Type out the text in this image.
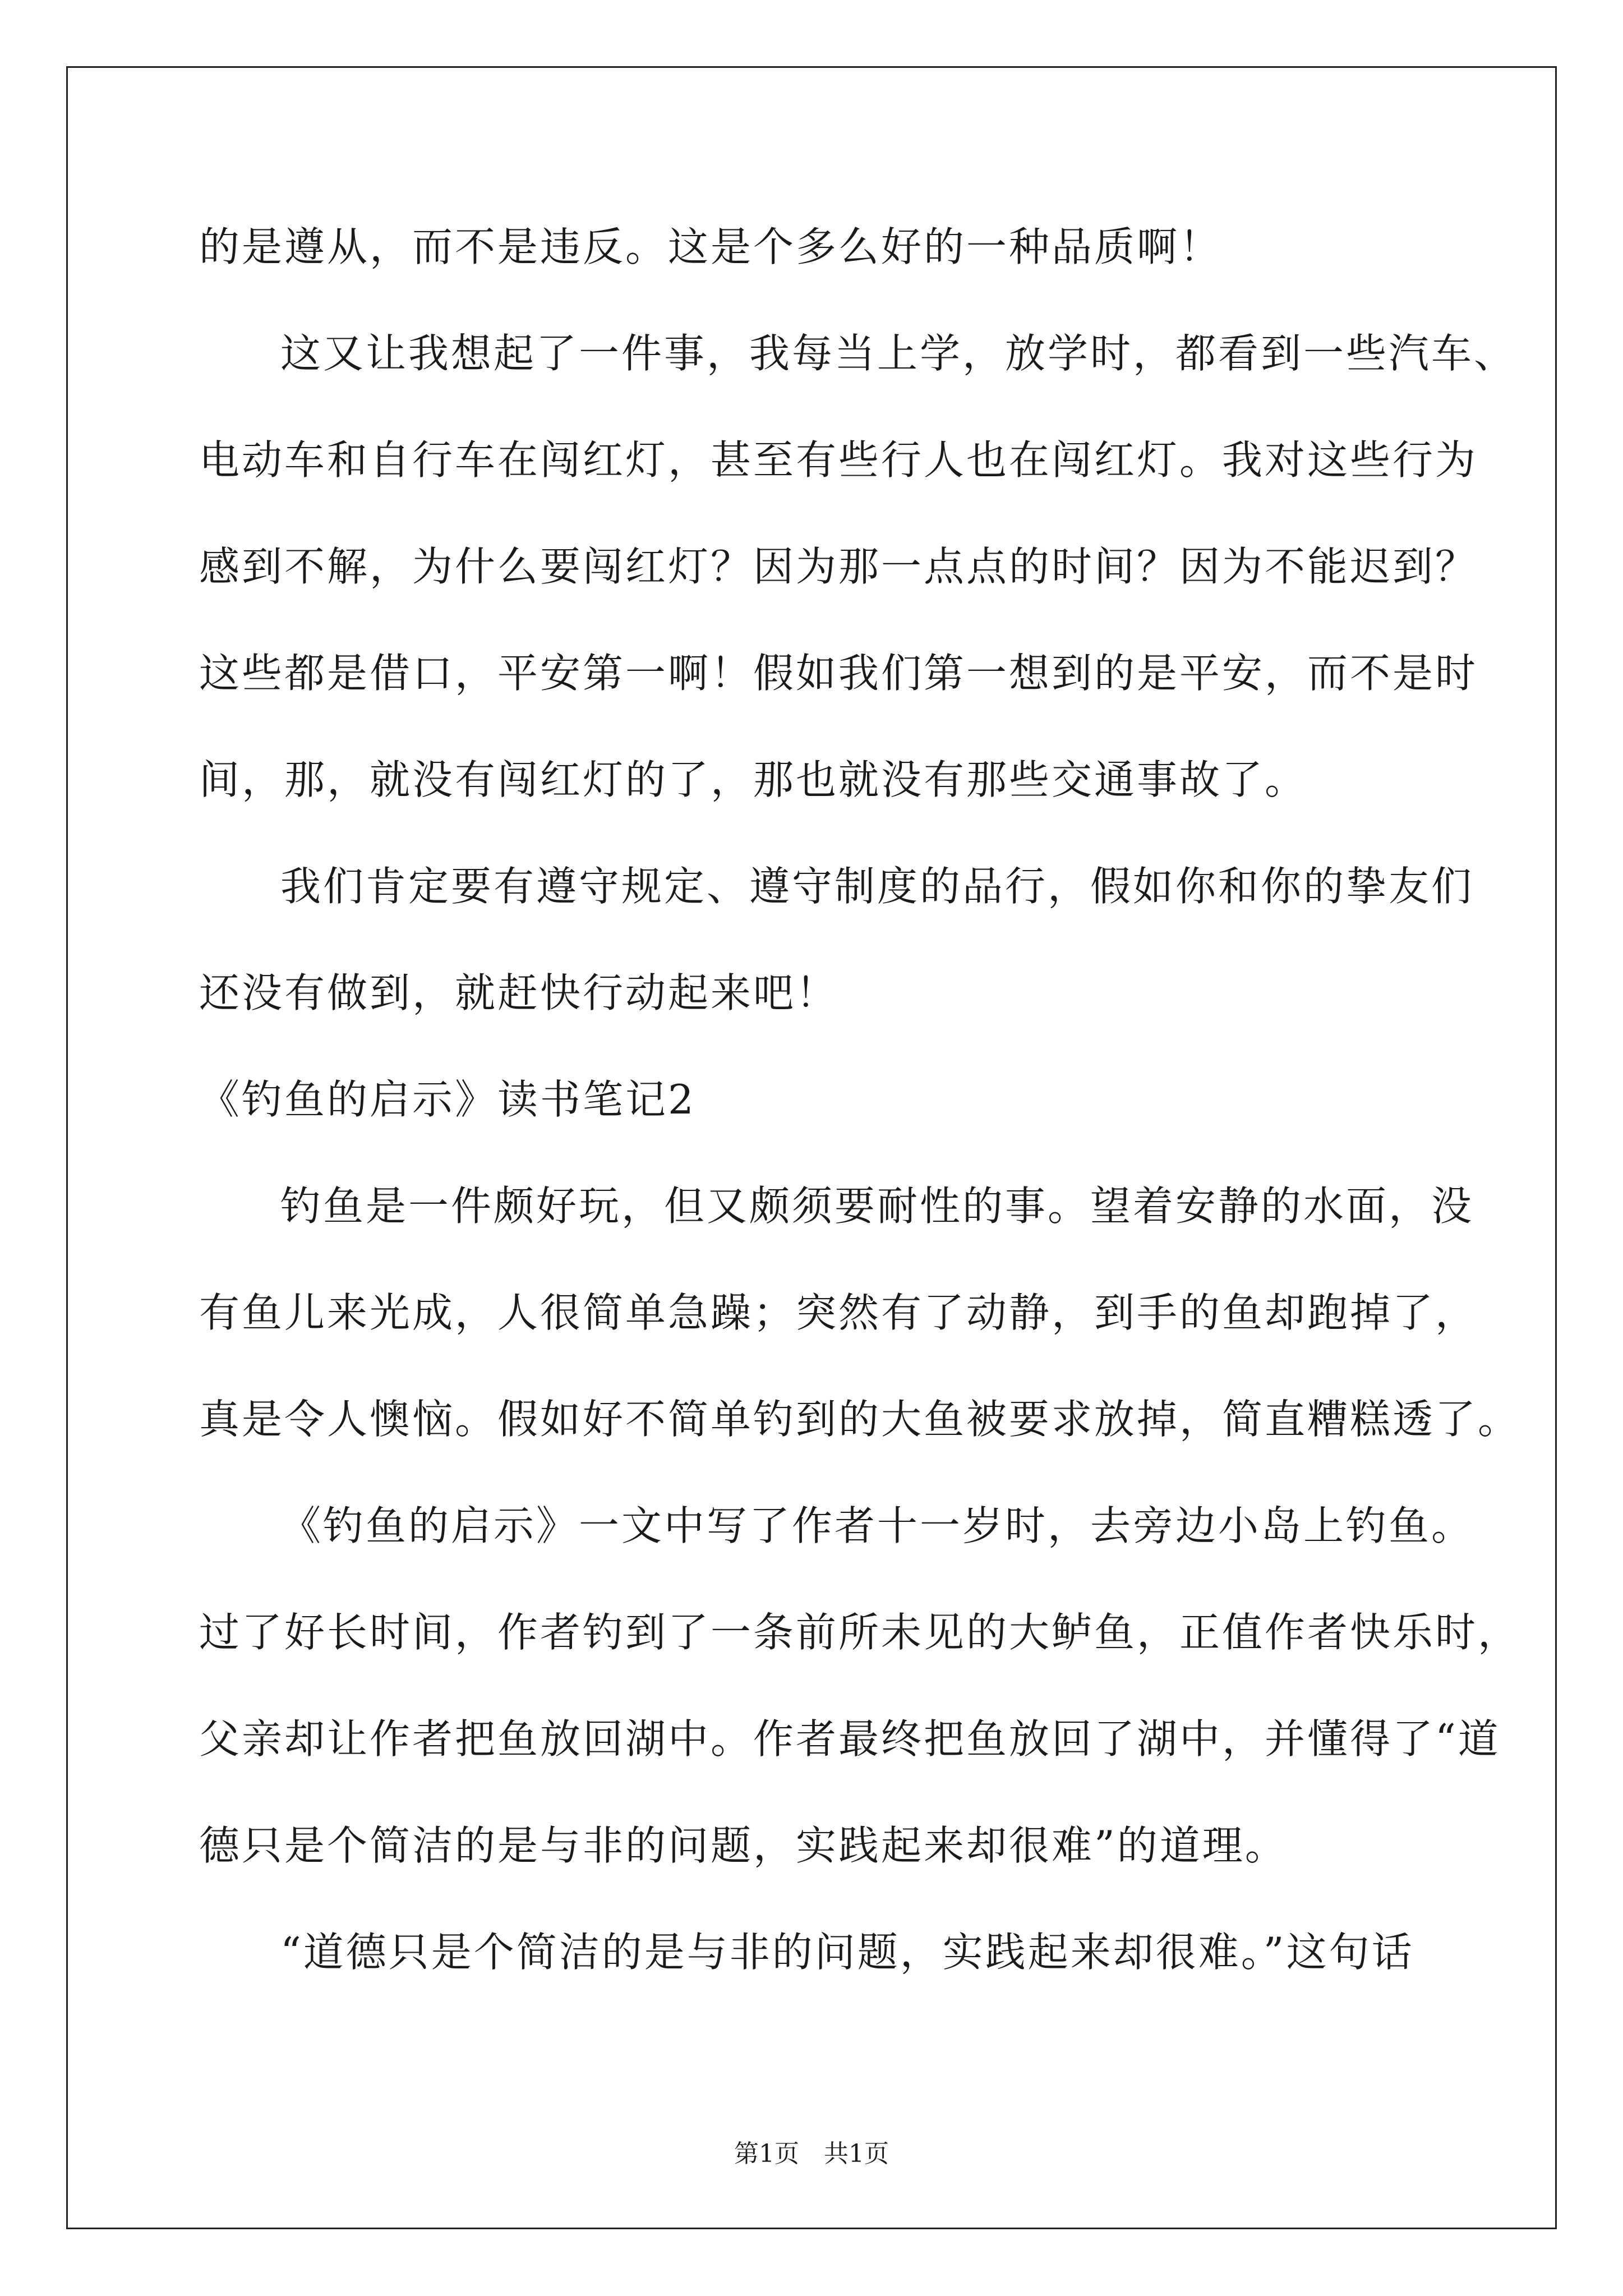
的是遵从，而不是违反。这是个多么好的一种品质啊！
这又让我想起了一件事，我每当上学，放学时，都看到一些汽车、
电动车和自行车在闯红灯，甚至有些行人也在闯红灯。我对这些行为
感到不解，为什么要闯红灯？因为那一点点的时间？因为不能迟到？
这些都是借口，平安第一啊！假如我们第一想到的是平安，而不是时
间，那，就没有闯红灯的了，那也就没有那些交通事故了。
我们肯定要有遵守规定、遵守制度的品行，假如你和你的挚友们
还没有做到，就赶快行动起来吧！
《钓鱼的启示》读书笔记2
钓鱼是一件颇好玩，但又颇须要耐性的事。望着安静的水面，没
有鱼儿来光成，人很简单急躁；突然有了动静，到手的鱼却跑掉了，
真是令人懊恼。假如好不简单钓到的大鱼被要求放掉，简直糟糕透了。
《钓鱼的启示》一文中写了作者十一岁时，去旁边小岛上钓鱼。
过了好长时间，作者钓到了一条前所未见的大鲈鱼，正值作者快乐时，
父亲却让作者把鱼放回湖中。作者最终把鱼放回了湖中，并懂得了“道
德只是个简洁的是与非的问题，实践起来却很难”的道理。
“道德只是个简洁的是与非的问题，实践起来却很难。”这句话
第1页　共1页
